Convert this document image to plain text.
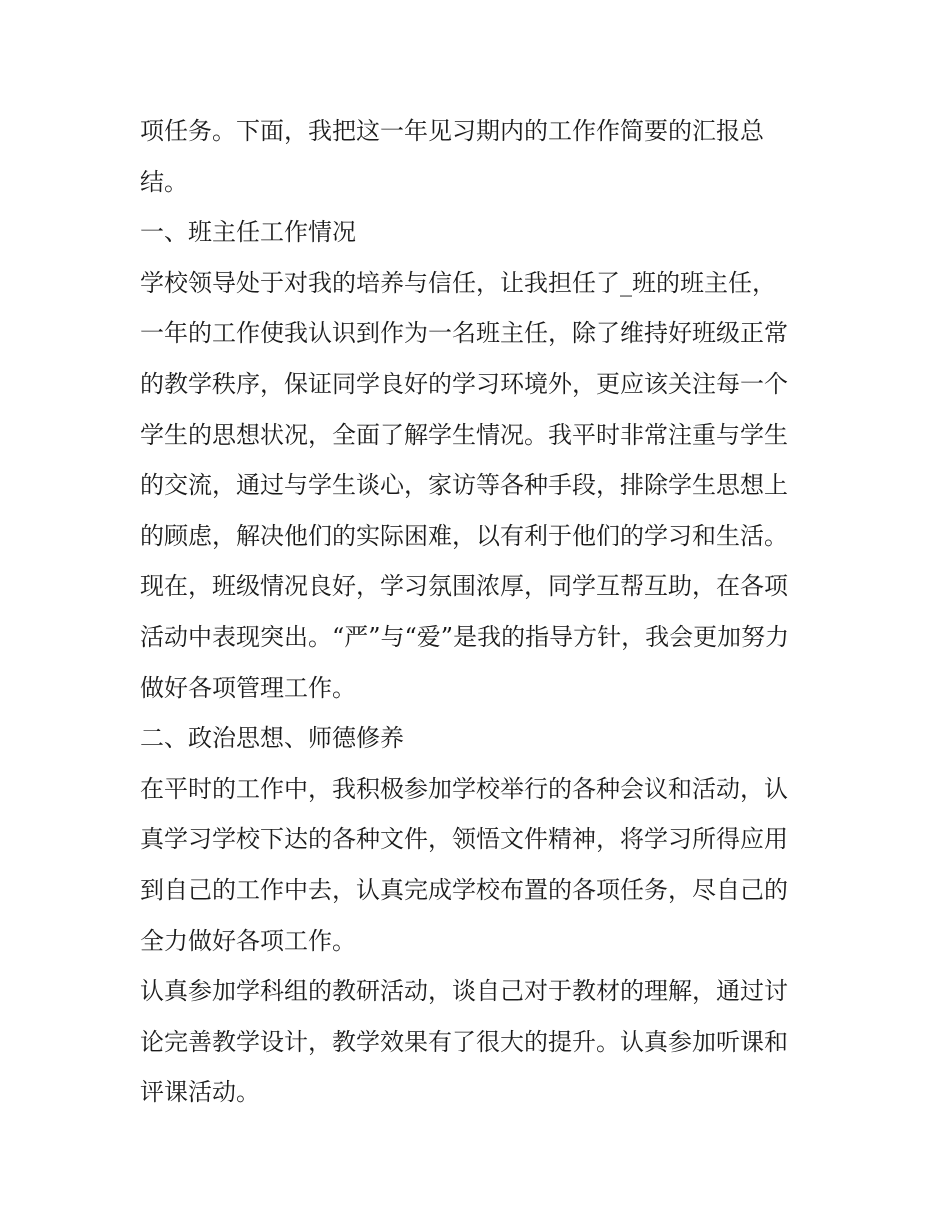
项任务。下面，我把这一年见习期内的工作作简要的汇报总
结。
一、班主任工作情况
学校领导处于对我的培养与信任，让我担任了_班的班主任，
一年的工作使我认识到作为一名班主任，除了维持好班级正常
的教学秩序，保证同学良好的学习环境外，更应该关注每一个
学生的思想状况，全面了解学生情况。我平时非常注重与学生
的交流，通过与学生谈心，家访等各种手段，排除学生思想上
的顾虑，解决他们的实际困难，以有利于他们的学习和生活。
现在，班级情况良好，学习氛围浓厚，同学互帮互助，在各项
活动中表现突出。“严”与“爱”是我的指导方针，我会更加努力
做好各项管理工作。
二、政治思想、师德修养
在平时的工作中，我积极参加学校举行的各种会议和活动，认
真学习学校下达的各种文件，领悟文件精神，将学习所得应用
到自己的工作中去，认真完成学校布置的各项任务，尽自己的
全力做好各项工作。
认真参加学科组的教研活动，谈自己对于教材的理解，通过讨
论完善教学设计，教学效果有了很大的提升。认真参加听课和
评课活动。
